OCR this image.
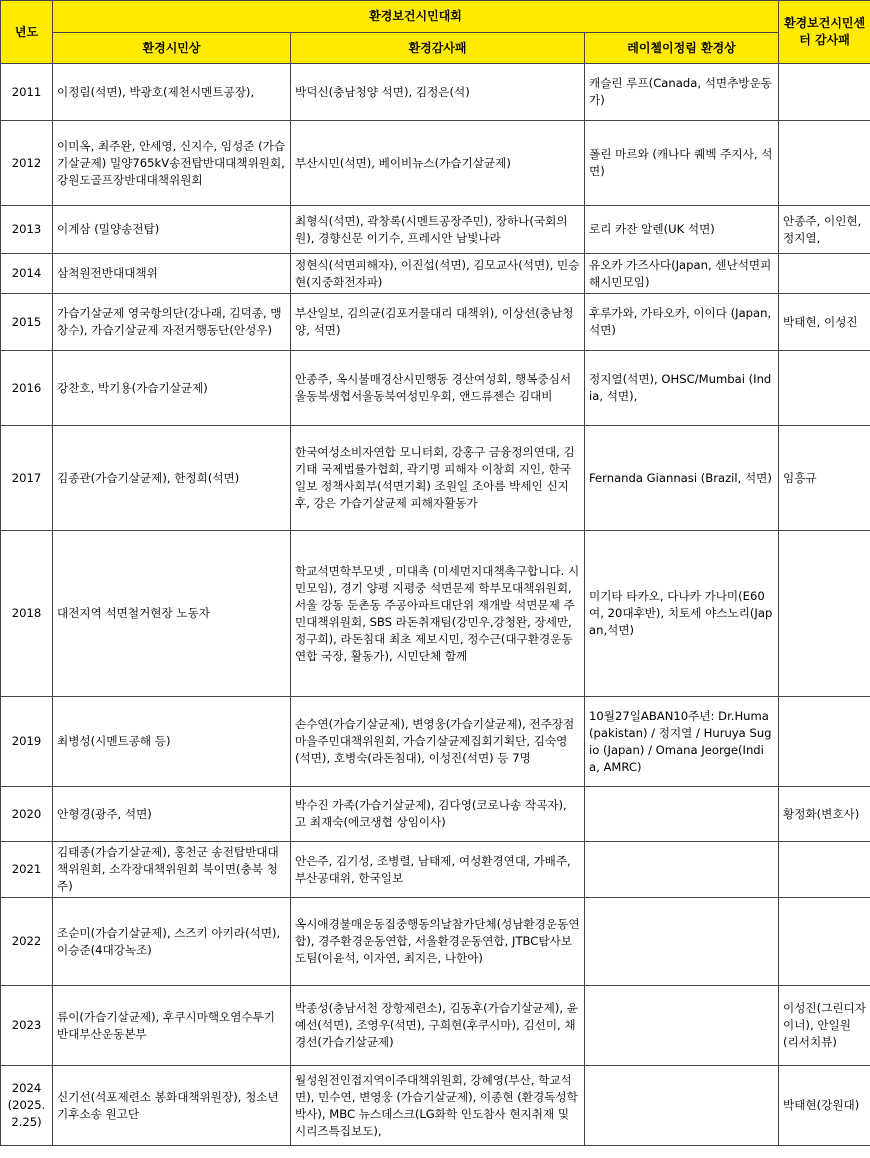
년도	환경보건시민대회			환경보건시민센터 감사패
	환경시민상	환경감사패	레이첼이정림 환경상	
2011	이정림(석면), 박광호(제천시멘트공장),	박덕신(충남청양 석면), 김정은(석)	캐슬린 루프(Canada, 석면추방운동가)	
2012	이미옥, 최주완, 안세영, 신지수, 임성준 (가습기살균제) 밀양765kV송전탑반대대책위원회, 강원도골프장반대대책위원회	부산시민(석면), 베이비뉴스(가습기살균제)	폴린 마르와 (캐나다 퀘벡 주지사, 석면)	
2013	이계삼 (밀양송전탑)	최형식(석면), 곽창록(시멘트공장주민), 장하나(국회의원), 경향신문 이기수, 프레시안 남빛나라	로리 카잔 알렌(UK 석면)	안종주, 이인현, 정지열,
2014	삼척원전반대대책위	정현식(석면피해자), 이진섭(석면), 김모교사(석면), 민승현(지중화전자파)	유오카 가즈사다(Japan, 센난석면피해시민모임)	
2015	가습기살균제 영국항의단(강나래, 김덕종, 맹창수), 가습기살균제 자전거행동단(안성우)	부산일보, 김의균(김포거물대리 대책위), 이상선(충남청양, 석면)	후루가와, 가타오카, 이이다 (Japan, 석면)	박태현, 이성진
2016	강찬호, 박기용(가습기살균제)	안종주, 옥시불매경산시민행동 경산여성회, 행복중심서울동북생협서울동북여성민우회, 앤드류젠슨 김대비	정지열(석면), OHSC/Mumbai (India, 석면),	
2017	김종관(가습기살균제), 한정희(석면)	한국여성소비자연합 모니터회, 강홍구 금융정의연대, 김기태 국제법률가협회, 곽기명 피해자 이창희 지인, 한국일보 정책사회부(석면기획) 조원일 조아름 박세인 신지후, 강은 가습기살균제 피해자활동가	Fernanda Giannasi (Brazil, 석면)	임흥규
2018	대전지역 석면철거현장 노동자	학교석면학부모넷 , 미대촉 (미세먼지대책촉구합니다. 시민모임), 경기 양평 지평중 석면문제 학부모대책위원회, 서울 강동 둔촌동 주공아파트대단위 재개발 석면문제 주민대책위원회, SBS 라돈취재팀(강민우,강청완, 장세만, 정구희), 라돈침대 최초 제보시민, 정수근(대구환경운동연합 국장, 활동가), 시민단체 함께	미기타 타카오, 다나카 가나미(E60여, 20대후반), 치토세 야스노리(Japan,석면)	
2019	최병성(시멘트공해 등)	손수연(가습기살균제), 변영웅(가습기살균제), 전주장점마을주민대책위원회, 가습기살균제집회기획단, 김숙영(석면), 호병숙(라돈침대), 이성진(석면) 등 7명	10월27일ABAN10주년: Dr.Huma (pakistan) / 정지열 / Huruya Sugio (Japan) / Omana Jeorge(India, AMRC)	
2020	안형경(광주, 석면)	박수진 가족(가습기살균제), 김다영(코로나송 작곡자), 고 최재숙(에코생협 상임이사)		황정화(변호사)
2021	김태종(가습기살균제), 홍천군 송전탑반대대책위원회, 소각장대책위원회 북이면(충북 청주)	안은주, 김기성, 조병렬, 남태제, 여성환경연대, 가배주, 부산공대위, 한국일보		
2022	조순미(가습기살균제), 스즈키 아키라(석면), 이승준(4대강녹조)	옥시애경불매운동집중행동의날참가단체(성남환경운동연합), 경주환경운동연합, 서울환경운동연합, JTBC탐사보도팀(이윤석, 이자연, 최지은, 나한아)		
2023	류이(가습기살균제), 후쿠시마핵오염수투기반대부산운동본부	박종성(충남서천 장항제련소), 김동후(가습기살균제), 윤예선(석면), 조영우(석면), 구희현(후쿠시마), 김선미, 채경선(가습기살균제)		이성진(그린디자이너), 안일원(리서치뷰)
2024 (2025. 2.25)	신기선(석포제련소 봉화대책위원장), 청소년기후소송 원고단	월성원전인접지역이주대책위원회, 강혜영(부산, 학교석면), 민수연, 변영웅 (가습기살균제), 이종현 (환경독성학 박사), MBC 뉴스데스크(LG화학 인도참사 현지취재 및 시리즈특집보도),		박태현(강원대)
